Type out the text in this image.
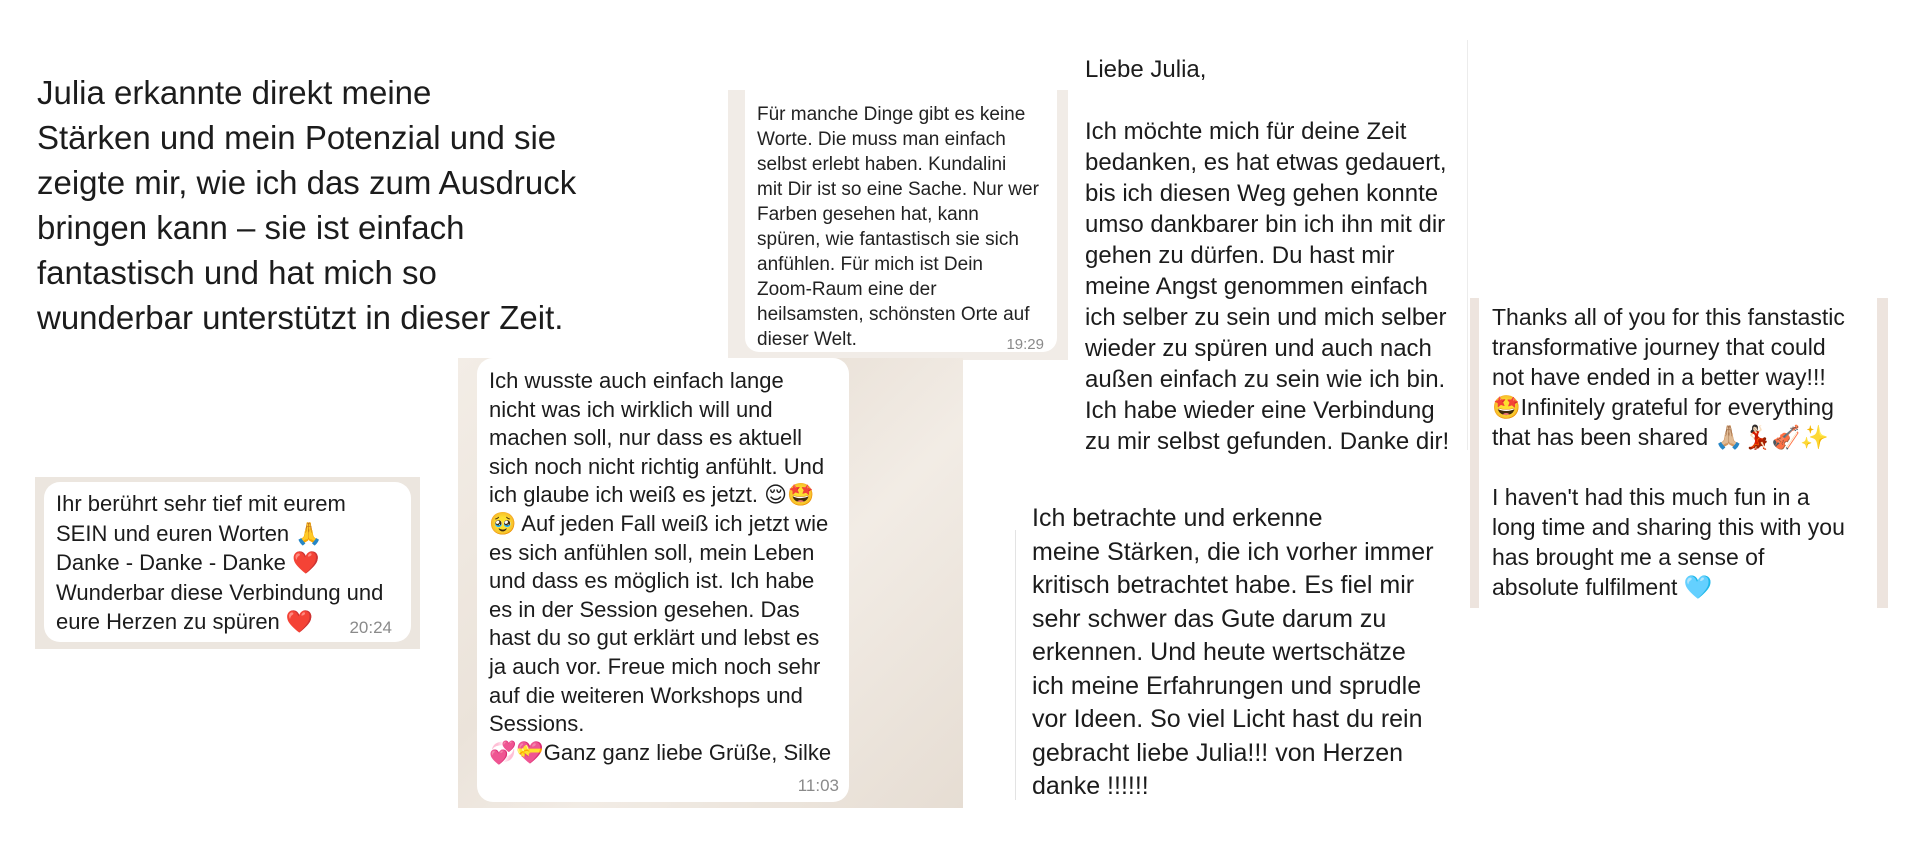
Julia erkannte direkt meine
Stärken und mein Potenzial und sie
zeigte mir, wie ich das zum Ausdruck
bringen kann – sie ist einfach
fantastisch und hat mich so
wunderbar unterstützt in dieser Zeit.

Für manche Dinge gibt es keine
Worte. Die muss man einfach
selbst erlebt haben. Kundalini
mit Dir ist so eine Sache. Nur wer
Farben gesehen hat, kann
spüren, wie fantastisch sie sich
anfühlen. Für mich ist Dein
Zoom-Raum eine der
heilsamsten, schönsten Orte auf
dieser Welt.	19:29

Liebe Julia,

Ich möchte mich für deine Zeit
bedanken, es hat etwas gedauert,
bis ich diesen Weg gehen konnte
umso dankbarer bin ich ihn mit dir
gehen zu dürfen. Du hast mir
meine Angst genommen einfach
ich selber zu sein und mich selber
wieder zu spüren und auch nach
außen einfach zu sein wie ich bin.
Ich habe wieder eine Verbindung
zu mir selbst gefunden. Danke dir!

Thanks all of you for this fanstastic
transformative journey that could
not have ended in a better way!!!
🤩Infinitely grateful for everything
that has been shared 🙏🏼💃🏻🎻✨

I haven't had this much fun in a
long time and sharing this with you
has brought me a sense of
absolute fulfilment 🩵

Ihr berührt sehr tief mit eurem
SEIN und euren Worten 🙏
Danke - Danke - Danke ❤️
Wunderbar diese Verbindung und
eure Herzen zu spüren ❤️	20:24

Ich wusste auch einfach lange
nicht was ich wirklich will und
machen soll, nur dass es aktuell
sich noch nicht richtig anfühlt. Und
ich glaube ich weiß es jetzt. 😌🤩
🥹 Auf jeden Fall weiß ich jetzt wie
es sich anfühlen soll, mein Leben
und dass es möglich ist. Ich habe
es in der Session gesehen. Das
hast du so gut erklärt und lebst es
ja auch vor. Freue mich noch sehr
auf die weiteren Workshops und
Sessions.
💞💝Ganz ganz liebe Grüße, Silke

11:03

Ich betrachte und erkenne
meine Stärken, die ich vorher immer
kritisch betrachtet habe. Es fiel mir
sehr schwer das Gute darum zu
erkennen. Und heute wertschätze
ich meine Erfahrungen und sprudle
vor Ideen. So viel Licht hast du rein
gebracht liebe Julia!!! von Herzen
danke !!!!!!
